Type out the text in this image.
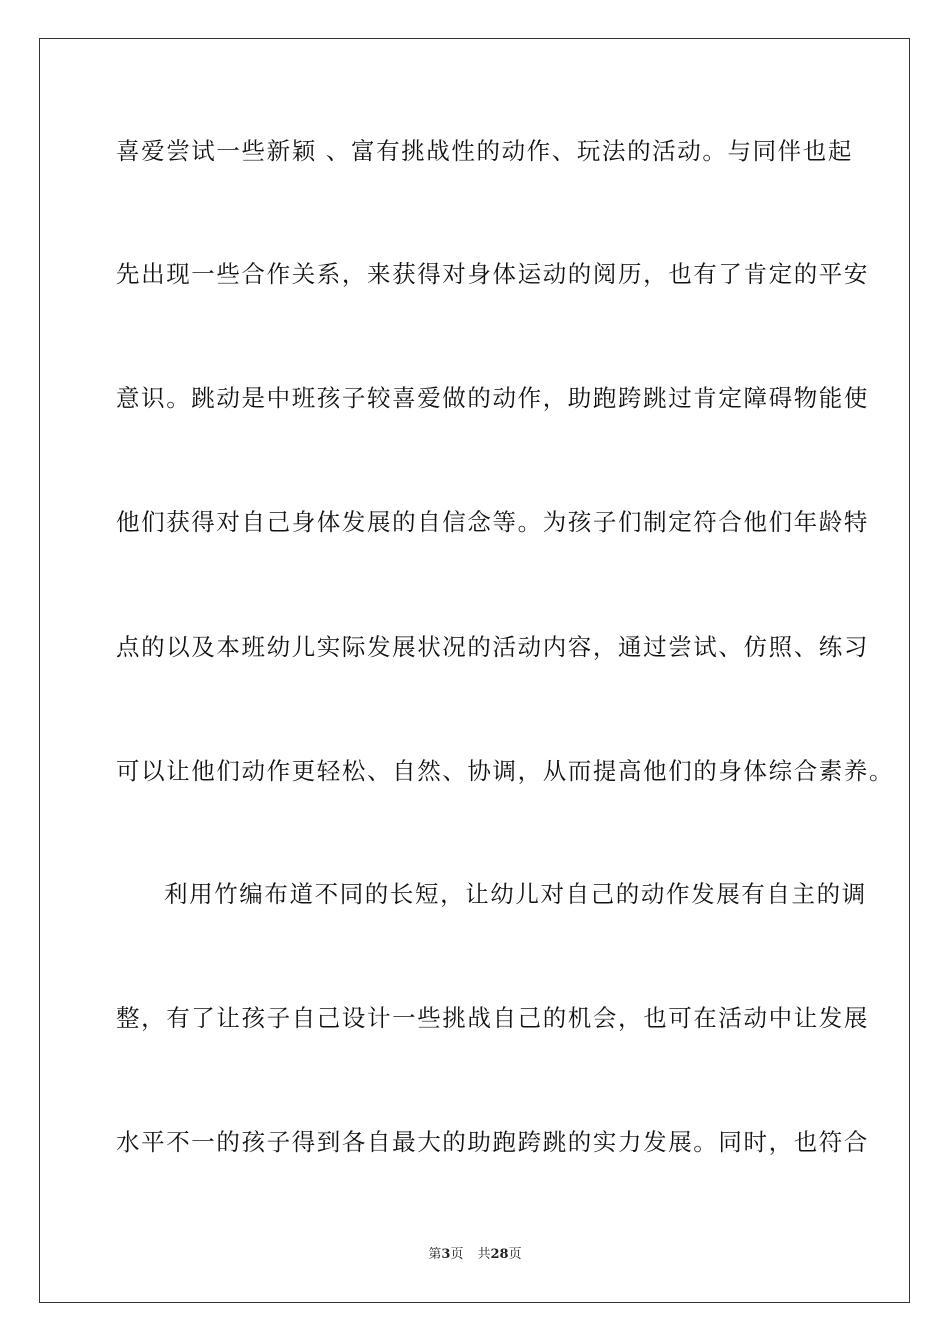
喜爱尝试一些新颖 、富有挑战性的动作、玩法的活动。与同伴也起
先出现一些合作关系，来获得对身体运动的阅历，也有了肯定的平安
意识。跳动是中班孩子较喜爱做的动作，助跑跨跳过肯定障碍物能使
他们获得对自己身体发展的自信念等。为孩子们制定符合他们年龄特
点的以及本班幼儿实际发展状况的活动内容，通过尝试、仿照、练习
可以让他们动作更轻松、自然、协调，从而提高他们的身体综合素养。
利用竹编布道不同的长短，让幼儿对自己的动作发展有自主的调
整，有了让孩子自己设计一些挑战自己的机会，也可在活动中让发展
水平不一的孩子得到各自最大的助跑跨跳的实力发展。同时，也符合
第3页 共28页
